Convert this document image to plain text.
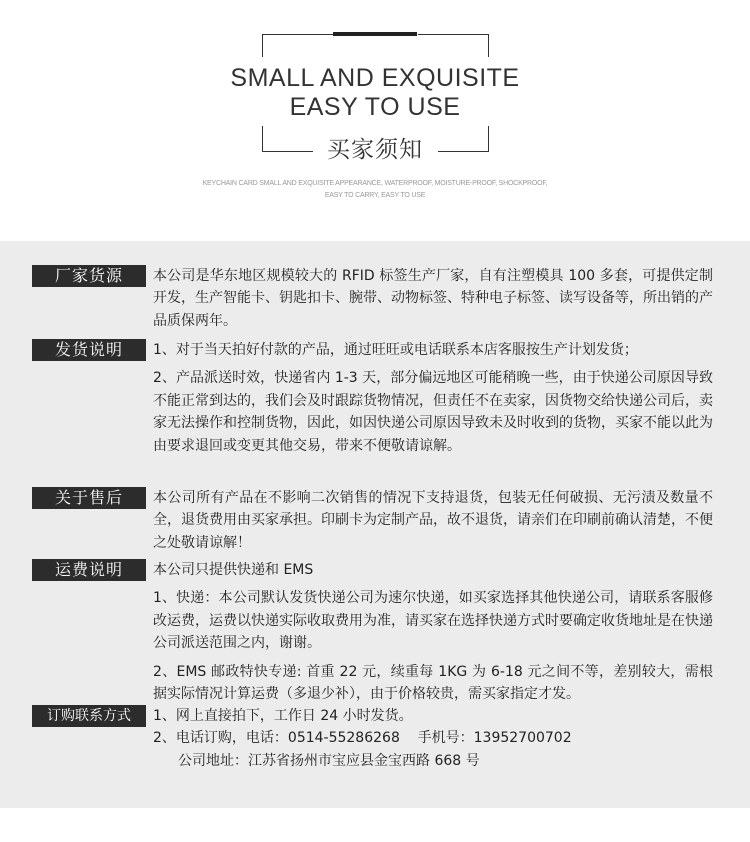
SMALL AND EXQUISITE
EASY TO USE
买家须知
KEYCHAIN CARD SMALL AND EXQUISITE APPEARANCE, WATERPROOF, MOISTURE-PROOF, SHOCKPROOF,
EASY TO CARRY, EASY TO USE
厂家货源	本公司是华东地区规模较大的 RFID 标签生产厂家，自有注塑模具 100 多套，可提供定制开发，生产智能卡、钥匙扣卡、腕带、动物标签、特种电子标签、读写设备等，所出销的产品质保两年。

发货说明	1、对于当天拍好付款的产品，通过旺旺或电话联系本店客服按生产计划发货；

2、产品派送时效，快递省内 1-3 天，部分偏远地区可能稍晚一些，由于快递公司原因导致不能正常到达的，我们会及时跟踪货物情况，但责任不在卖家，因货物交给快递公司后，卖家无法操作和控制货物，因此，如因快递公司原因导致未及时收到的货物，买家不能以此为由要求退回或变更其他交易，带来不便敬请谅解。

关于售后	本公司所有产品在不影响二次销售的情况下支持退货，包装无任何破损、无污渍及数量不全，退货费用由买家承担。印刷卡为定制产品，故不退货，请亲们在印刷前确认清楚，不便之处敬请谅解！

运费说明	本公司只提供快递和 EMS

1、快递：本公司默认发货快递公司为速尔快递，如买家选择其他快递公司，请联系客服修改运费，运费以快递实际收取费用为准，请买家在选择快递方式时要确定收货地址是在快递公司派送范围之内，谢谢。

2、EMS 邮政特快专递: 首重 22 元，续重每 1KG 为 6-18 元之间不等，差别较大，需根据实际情况计算运费（多退少补），由于价格较贵，需买家指定才发。

订购联系方式	1、网上直接拍下，工作日 24 小时发货。

2、电话订购，电话：0514-55286268    手机号：13952700702

公司地址：江苏省扬州市宝应县金宝西路 668 号
